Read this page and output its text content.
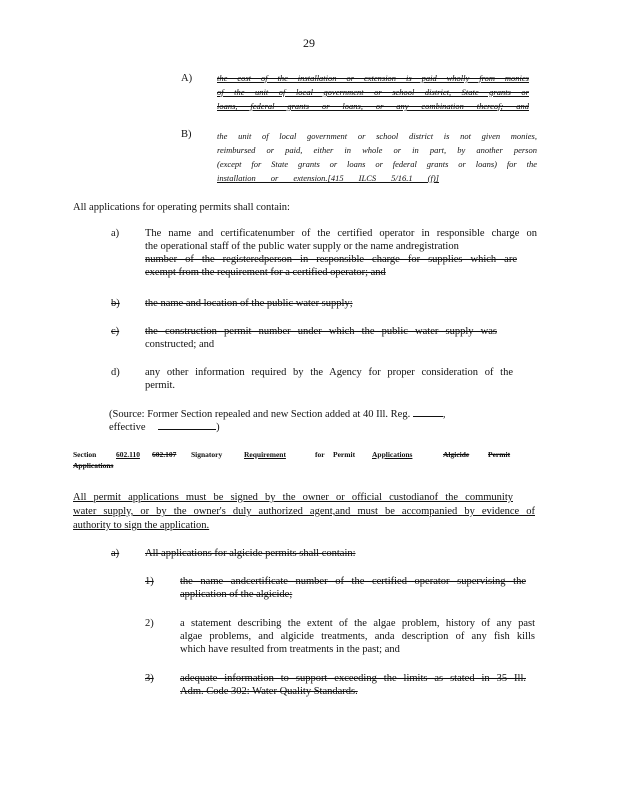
29
A)	the cost of the installation or extension is paid wholly from monies
of the unit of local government or school district, State grants or
loans, federal grants or loans, or any combination thereof; and
B)	the unit of local government or school district is not given monies,
reimbursed or paid, either in whole or in part, by another person
(except for State grants or loans or federal grants or loans) for the
installation or extension.[415 ILCS 5/16.1 (f)]
All applications for operating permits shall contain:
a) The name and certificatenumber of the certified operator in responsible charge on
the operational staff of the public water supply or the name andregistration
number of the registeredperson in responsible charge for supplies which are
exempt from the requirement for a certified operator; and
b) the name and location of the public water supply;
c) the construction permit number under which the public water supply was
constructed; and
d) any other information required by the Agency for proper consideration of the
permit.
(Source: Former Section repealed and new Section added at 40 Ill. Reg.	,
effective	)
Section	602.110 602.107 Signatory	Requirement	for Permit Applications	Algicide	Permit
Applications
All permit applications must be signed by the owner or official custodianof the community
water supply, or by the owner's duly authorized agent,and must be accompanied by evidence of
authority to sign the application.
a) All applications for algicide permits shall contain:
1)	the name andcertificate number of the certified operator supervising the
application of the algicide;
2)	a statement describing the extent of the algae problem, history of any past
algae problems, and algicide treatments, anda description of any fish kills
which have resulted from treatments in the past; and
3)	adequate information to support exceeding the limits as stated in 35 Ill.
Adm. Code 302: Water Quality Standards.
